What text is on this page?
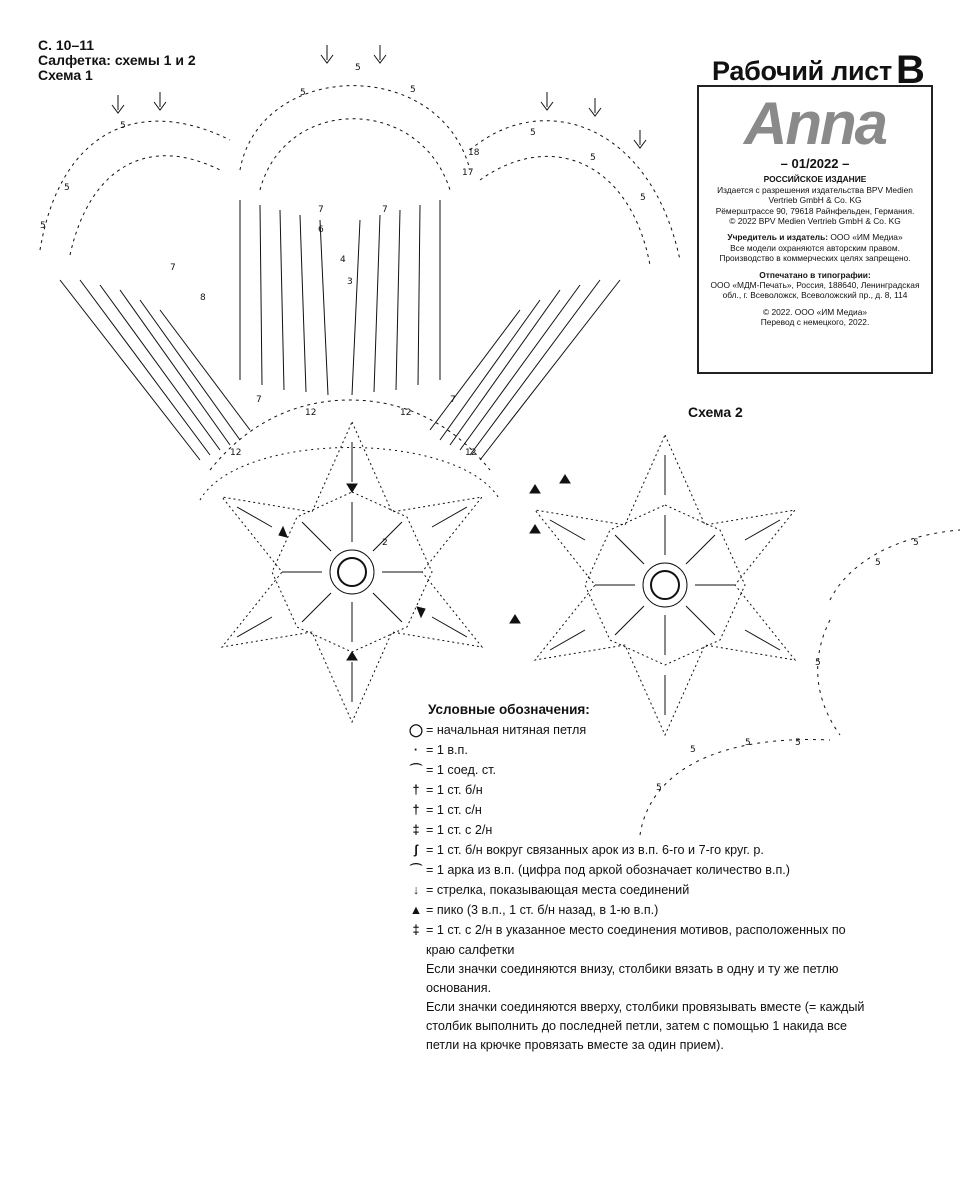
С. 10–11
Салфетка: схемы 1 и 2
Схема 1	Рабочий лист B
Anna
– 01/2022 –
РОССИЙСКОЕ ИЗДАНИЕ
Издается с разрешения издательства BPV Medien Vertrieb GmbH & Co. KG
Рёмерштрассе 90, 79618 Райнфельден, Германия.

© 2022 BPV Medien Vertrieb GmbH & Co. KG

Учредитель и издатель: ООО «ИМ Медиа»

Все модели охраняются авторским правом. Производство в коммерческих целях запрещено.

Отпечатано в типографии:

ООО «МДМ-Печать», Россия, 188640, Ленинградская обл., г. Всеволожск, Всеволожский пр., д. 8, 114

© 2022. ООО «ИМ Медиа»
Перевод с немецкого, 2022.
Схема 2
5
5
5
5
5
5
5
5
5
7
7	7
7	7
12
12	12
12
6
4
3
2
8
17
18
5
5
5
5	5
5
5
Условные обозначения:
◯ = начальная нитяная петля
· = 1 в.п.
⌒ = 1 соед. ст.
† = 1 ст. б/н
† = 1 ст. с/н
‡ = 1 ст. с 2/н
ʃ = 1 ст. б/н вокруг связанных арок из в.п. 6-го и 7-го круг. р.
⌒ = 1 арка из в.п. (цифра под аркой обозначает количество в.п.)
↓ = стрелка, показывающая места соединений
▲ = пико (3 в.п., 1 ст. б/н назад, в 1-ю в.п.)
‡ = 1 ст. с 2/н в указанное место соединения мотивов, расположенных по краю салфетки
Если значки соединяются внизу, столбики вязать в одну и ту же петлю основания.
Если значки соединяются вверху, столбики провязывать вместе (= каждый столбик выполнить до последней петли, затем с помощью 1 накида все петли на крючке провязать вместе за один прием).
